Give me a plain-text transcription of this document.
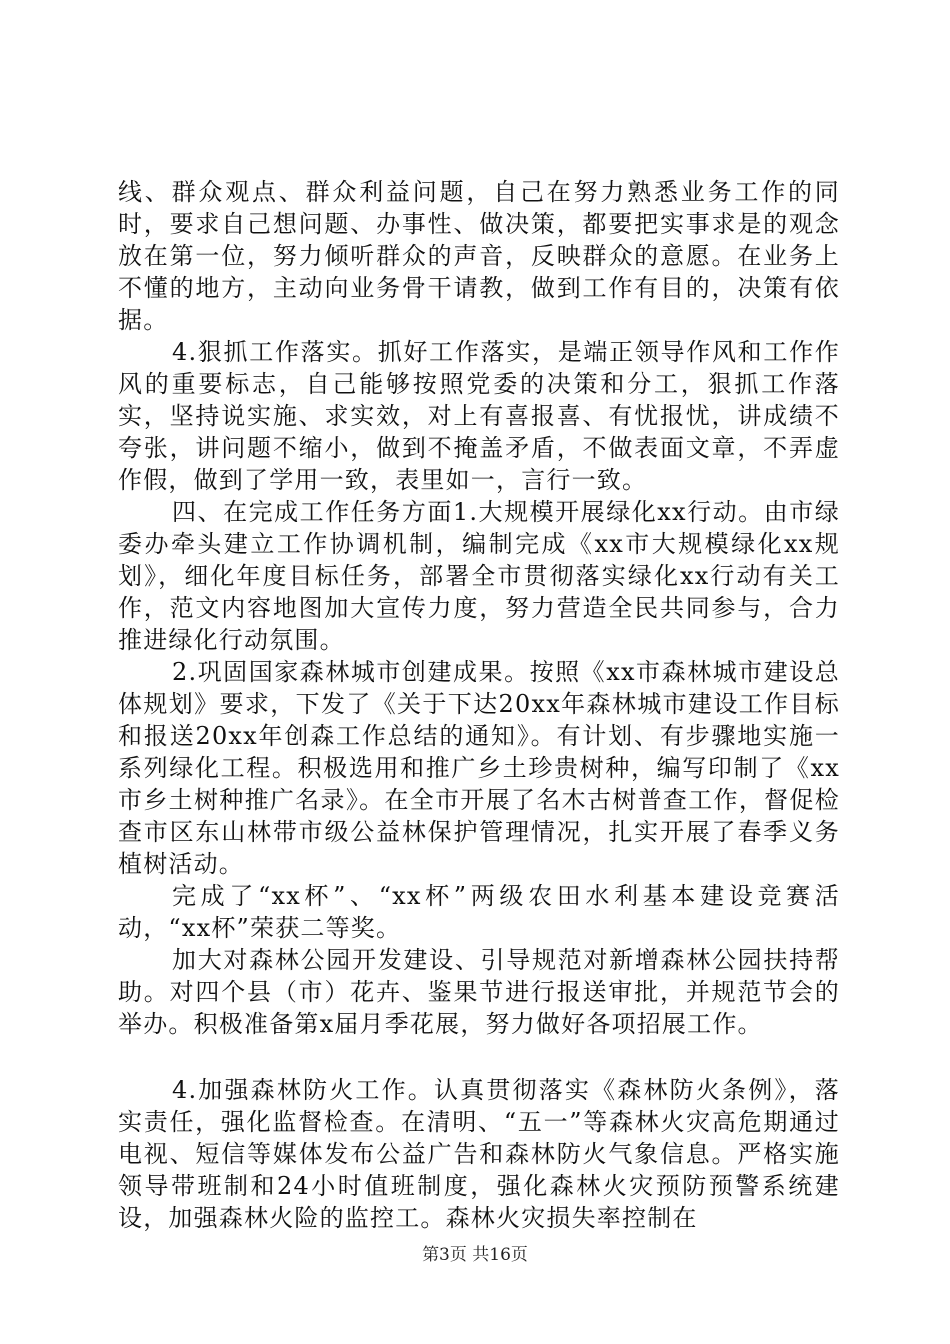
线、群众观点、群众利益问题，自己在努力熟悉业务工作的同时，要求自己想问题、办事性、做决策，都要把实事求是的观念放在第一位，努力倾听群众的声音，反映群众的意愿。在业务上不懂的地方，主动向业务骨干请教，做到工作有目的，决策有依据。

4.狠抓工作落实。抓好工作落实，是端正领导作风和工作作风的重要标志，自己能够按照党委的决策和分工，狠抓工作落实，坚持说实施、求实效，对上有喜报喜、有忧报忧，讲成绩不夸张，讲问题不缩小，做到不掩盖矛盾，不做表面文章，不弄虚作假，做到了学用一致，表里如一，言行一致。

四、在完成工作任务方面1.大规模开展绿化xx行动。由市绿委办牵头建立工作协调机制，编制完成《xx市大规模绿化xx规划》，细化年度目标任务，部署全市贯彻落实绿化xx行动有关工作，范文内容地图加大宣传力度，努力营造全民共同参与，合力推进绿化行动氛围。

2.巩固国家森林城市创建成果。按照《xx市森林城市建设总体规划》要求，下发了《关于下达20xx年森林城市建设工作目标和报送20xx年创森工作总结的通知》。有计划、有步骤地实施一系列绿化工程。积极选用和推广乡土珍贵树种，编写印制了《xx市乡土树种推广名录》。在全市开展了名木古树普查工作，督促检查市区东山林带市级公益林保护管理情况，扎实开展了春季义务植树活动。

完成了“xx杯”、“xx杯”两级农田水利基本建设竞赛活动，“xx杯”荣获二等奖。

加大对森林公园开发建设、引导规范对新增森林公园扶持帮助。对四个县（市）花卉、鉴果节进行报送审批，并规范节会的举办。积极准备第x届月季花展，努力做好各项招展工作。

4.加强森林防火工作。认真贯彻落实《森林防火条例》，落实责任，强化监督检查。在清明、“五一”等森林火灾高危期通过电视、短信等媒体发布公益广告和森林防火气象信息。严格实施领导带班制和24小时值班制度，强化森林火灾预防预警系统建设，加强森林火险的监控工。森林火灾损失率控制在

第3页 共16页
